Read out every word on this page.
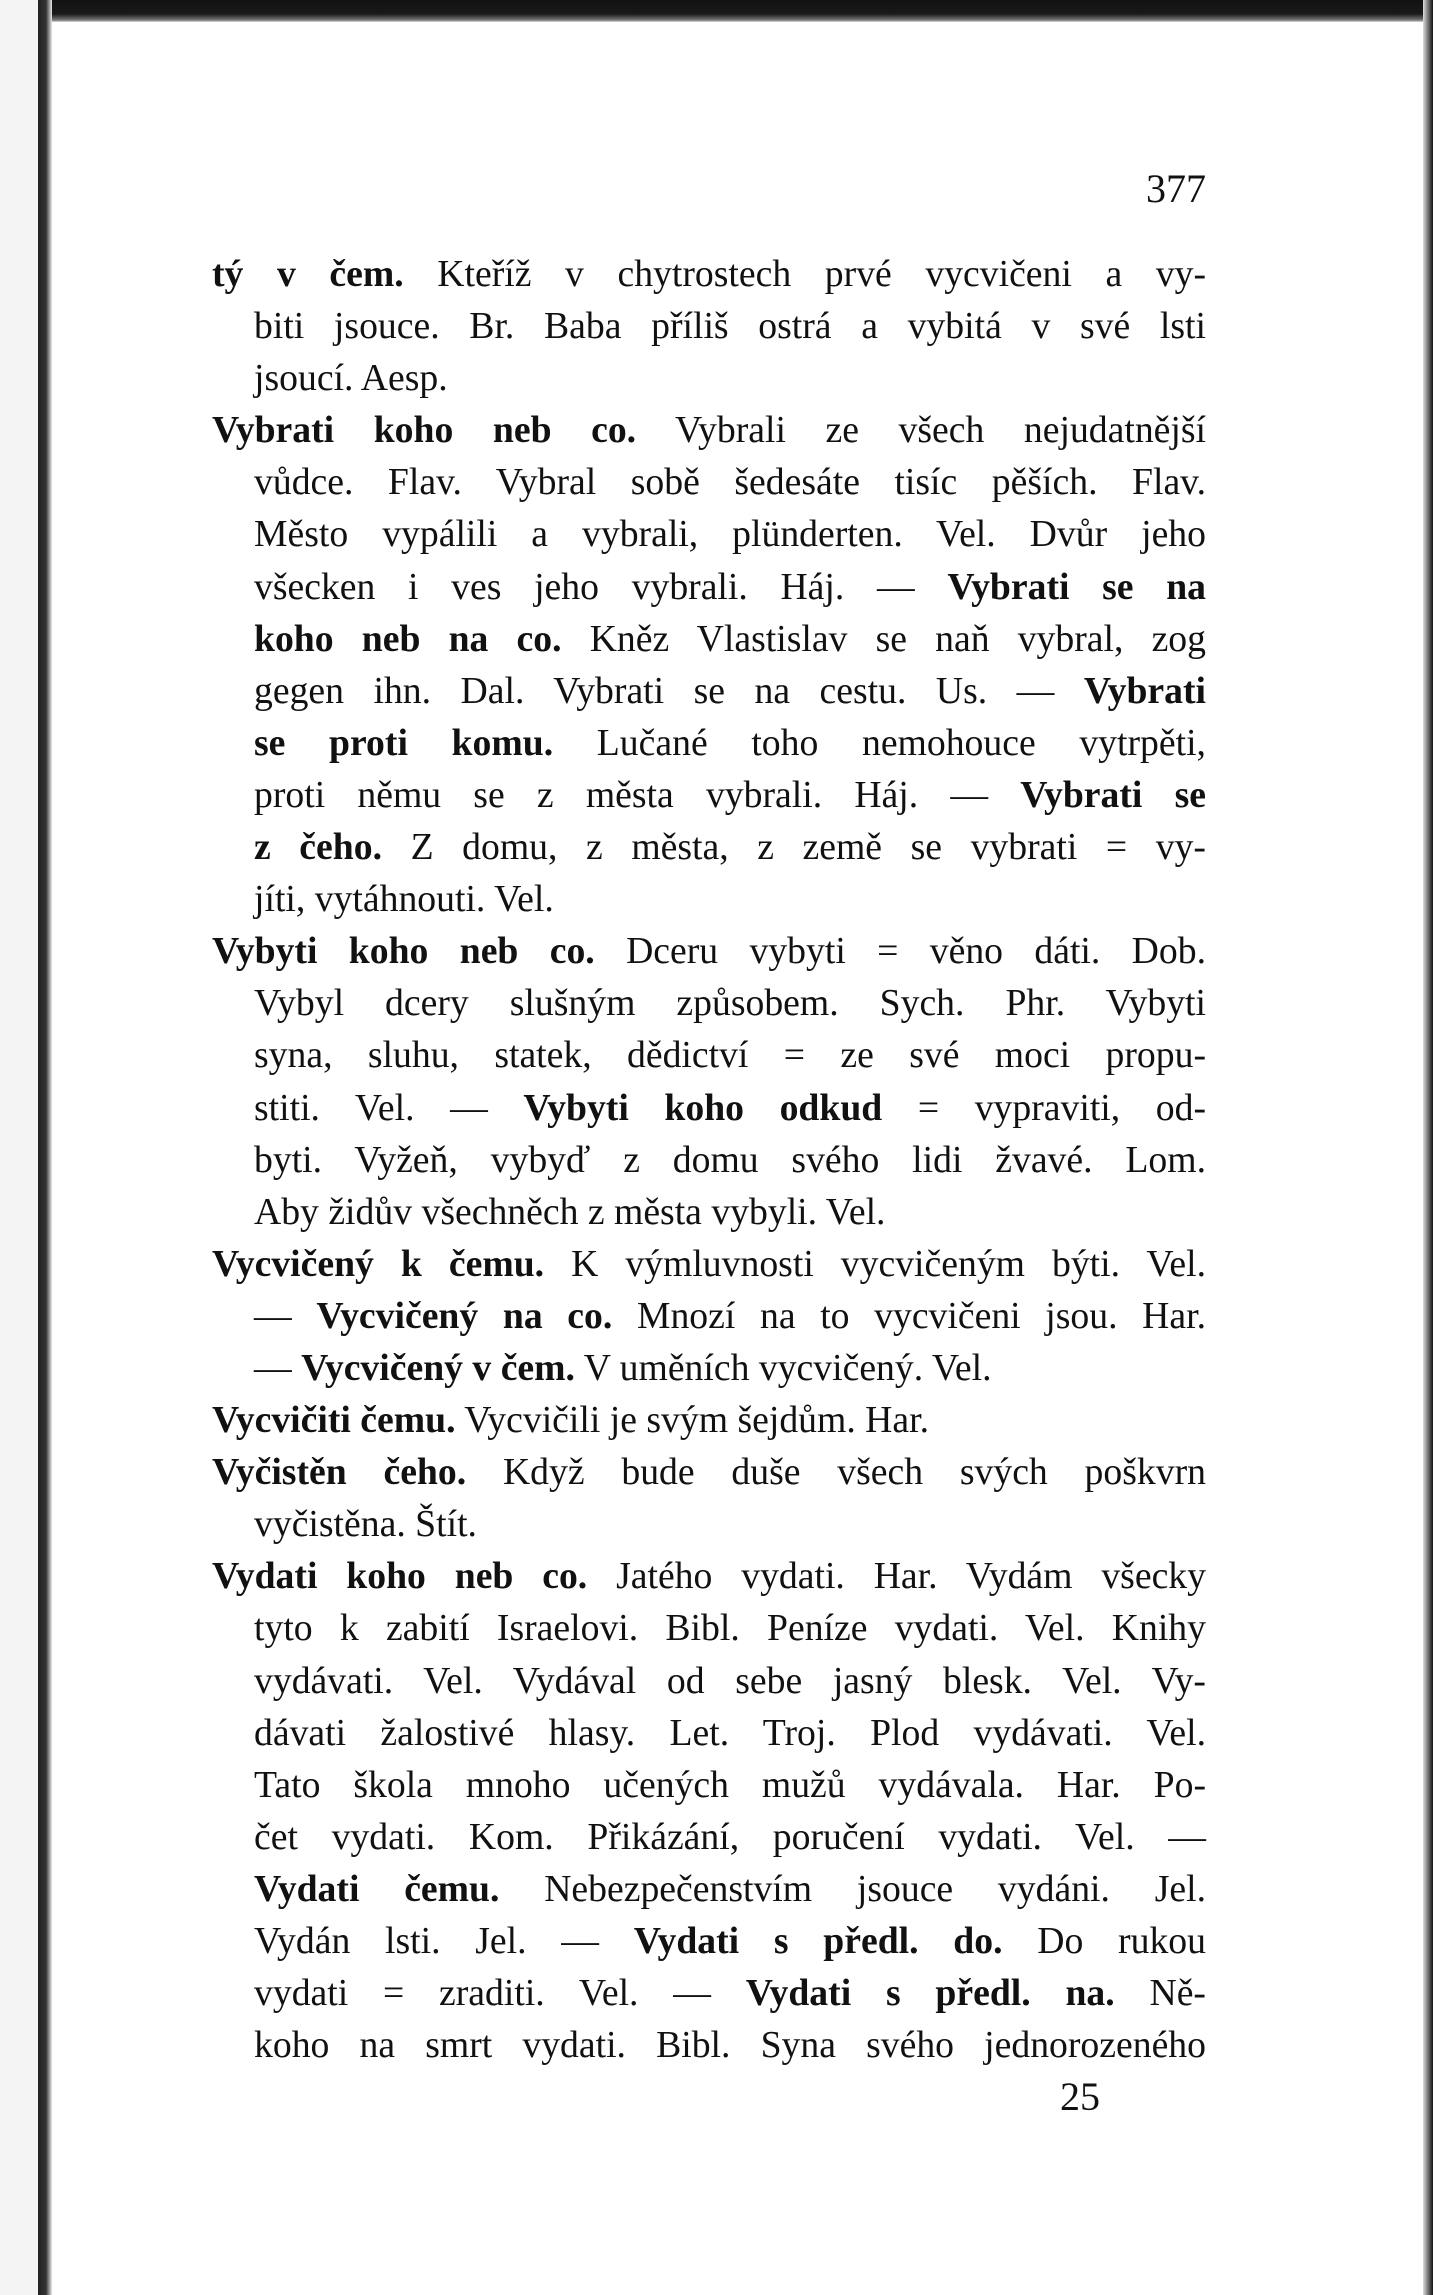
377
tý v čem. Kteříž v chytrostech prvé vycvičeni a vy-
biti jsouce. Br. Baba příliš ostrá a vybitá v své lsti
jsoucí. Aesp.
Vybrati koho neb co. Vybrali ze všech nejudatnější
vůdce. Flav. Vybral sobě šedesáte tisíc pěších. Flav.
Město vypálili a vybrali, plünderten. Vel. Dvůr jeho
všecken i ves jeho vybrali. Háj. — Vybrati se na
koho neb na co. Kněz Vlastislav se naň vybral, zog
gegen ihn. Dal. Vybrati se na cestu. Us. — Vybrati
se proti komu. Lučané toho nemohouce vytrpěti,
proti němu se z města vybrali. Háj. — Vybrati se
z čeho. Z domu, z města, z země se vybrati = vy-
jíti, vytáhnouti. Vel.
Vybyti koho neb co. Dceru vybyti = věno dáti. Dob.
Vybyl dcery slušným způsobem. Sych. Phr. Vybyti
syna, sluhu, statek, dědictví = ze své moci propu-
stiti. Vel. — Vybyti koho odkud = vypraviti, od-
byti. Vyžeň, vybyď z domu svého lidi žvavé. Lom.
Aby židův všechněch z města vybyli. Vel.
Vycvičený k čemu. K výmluvnosti vycvičeným býti. Vel.
— Vycvičený na co. Mnozí na to vycvičeni jsou. Har.
— Vycvičený v čem. V uměních vycvičený. Vel.
Vycvičiti čemu. Vycvičili je svým šejdům. Har.
Vyčistěn čeho. Když bude duše všech svých poškvrn
vyčistěna. Štít.
Vydati koho neb co. Jatého vydati. Har. Vydám všecky
tyto k zabití Israelovi. Bibl. Peníze vydati. Vel. Knihy
vydávati. Vel. Vydával od sebe jasný blesk. Vel. Vy-
dávati žalostivé hlasy. Let. Troj. Plod vydávati. Vel.
Tato škola mnoho učených mužů vydávala. Har. Po-
čet vydati. Kom. Přikázání, poručení vydati. Vel. —
Vydati čemu. Nebezpečenstvím jsouce vydáni. Jel.
Vydán lsti. Jel. — Vydati s předl. do. Do rukou
vydati = zraditi. Vel. — Vydati s předl. na. Ně-
koho na smrt vydati. Bibl. Syna svého jednorozeného
25
